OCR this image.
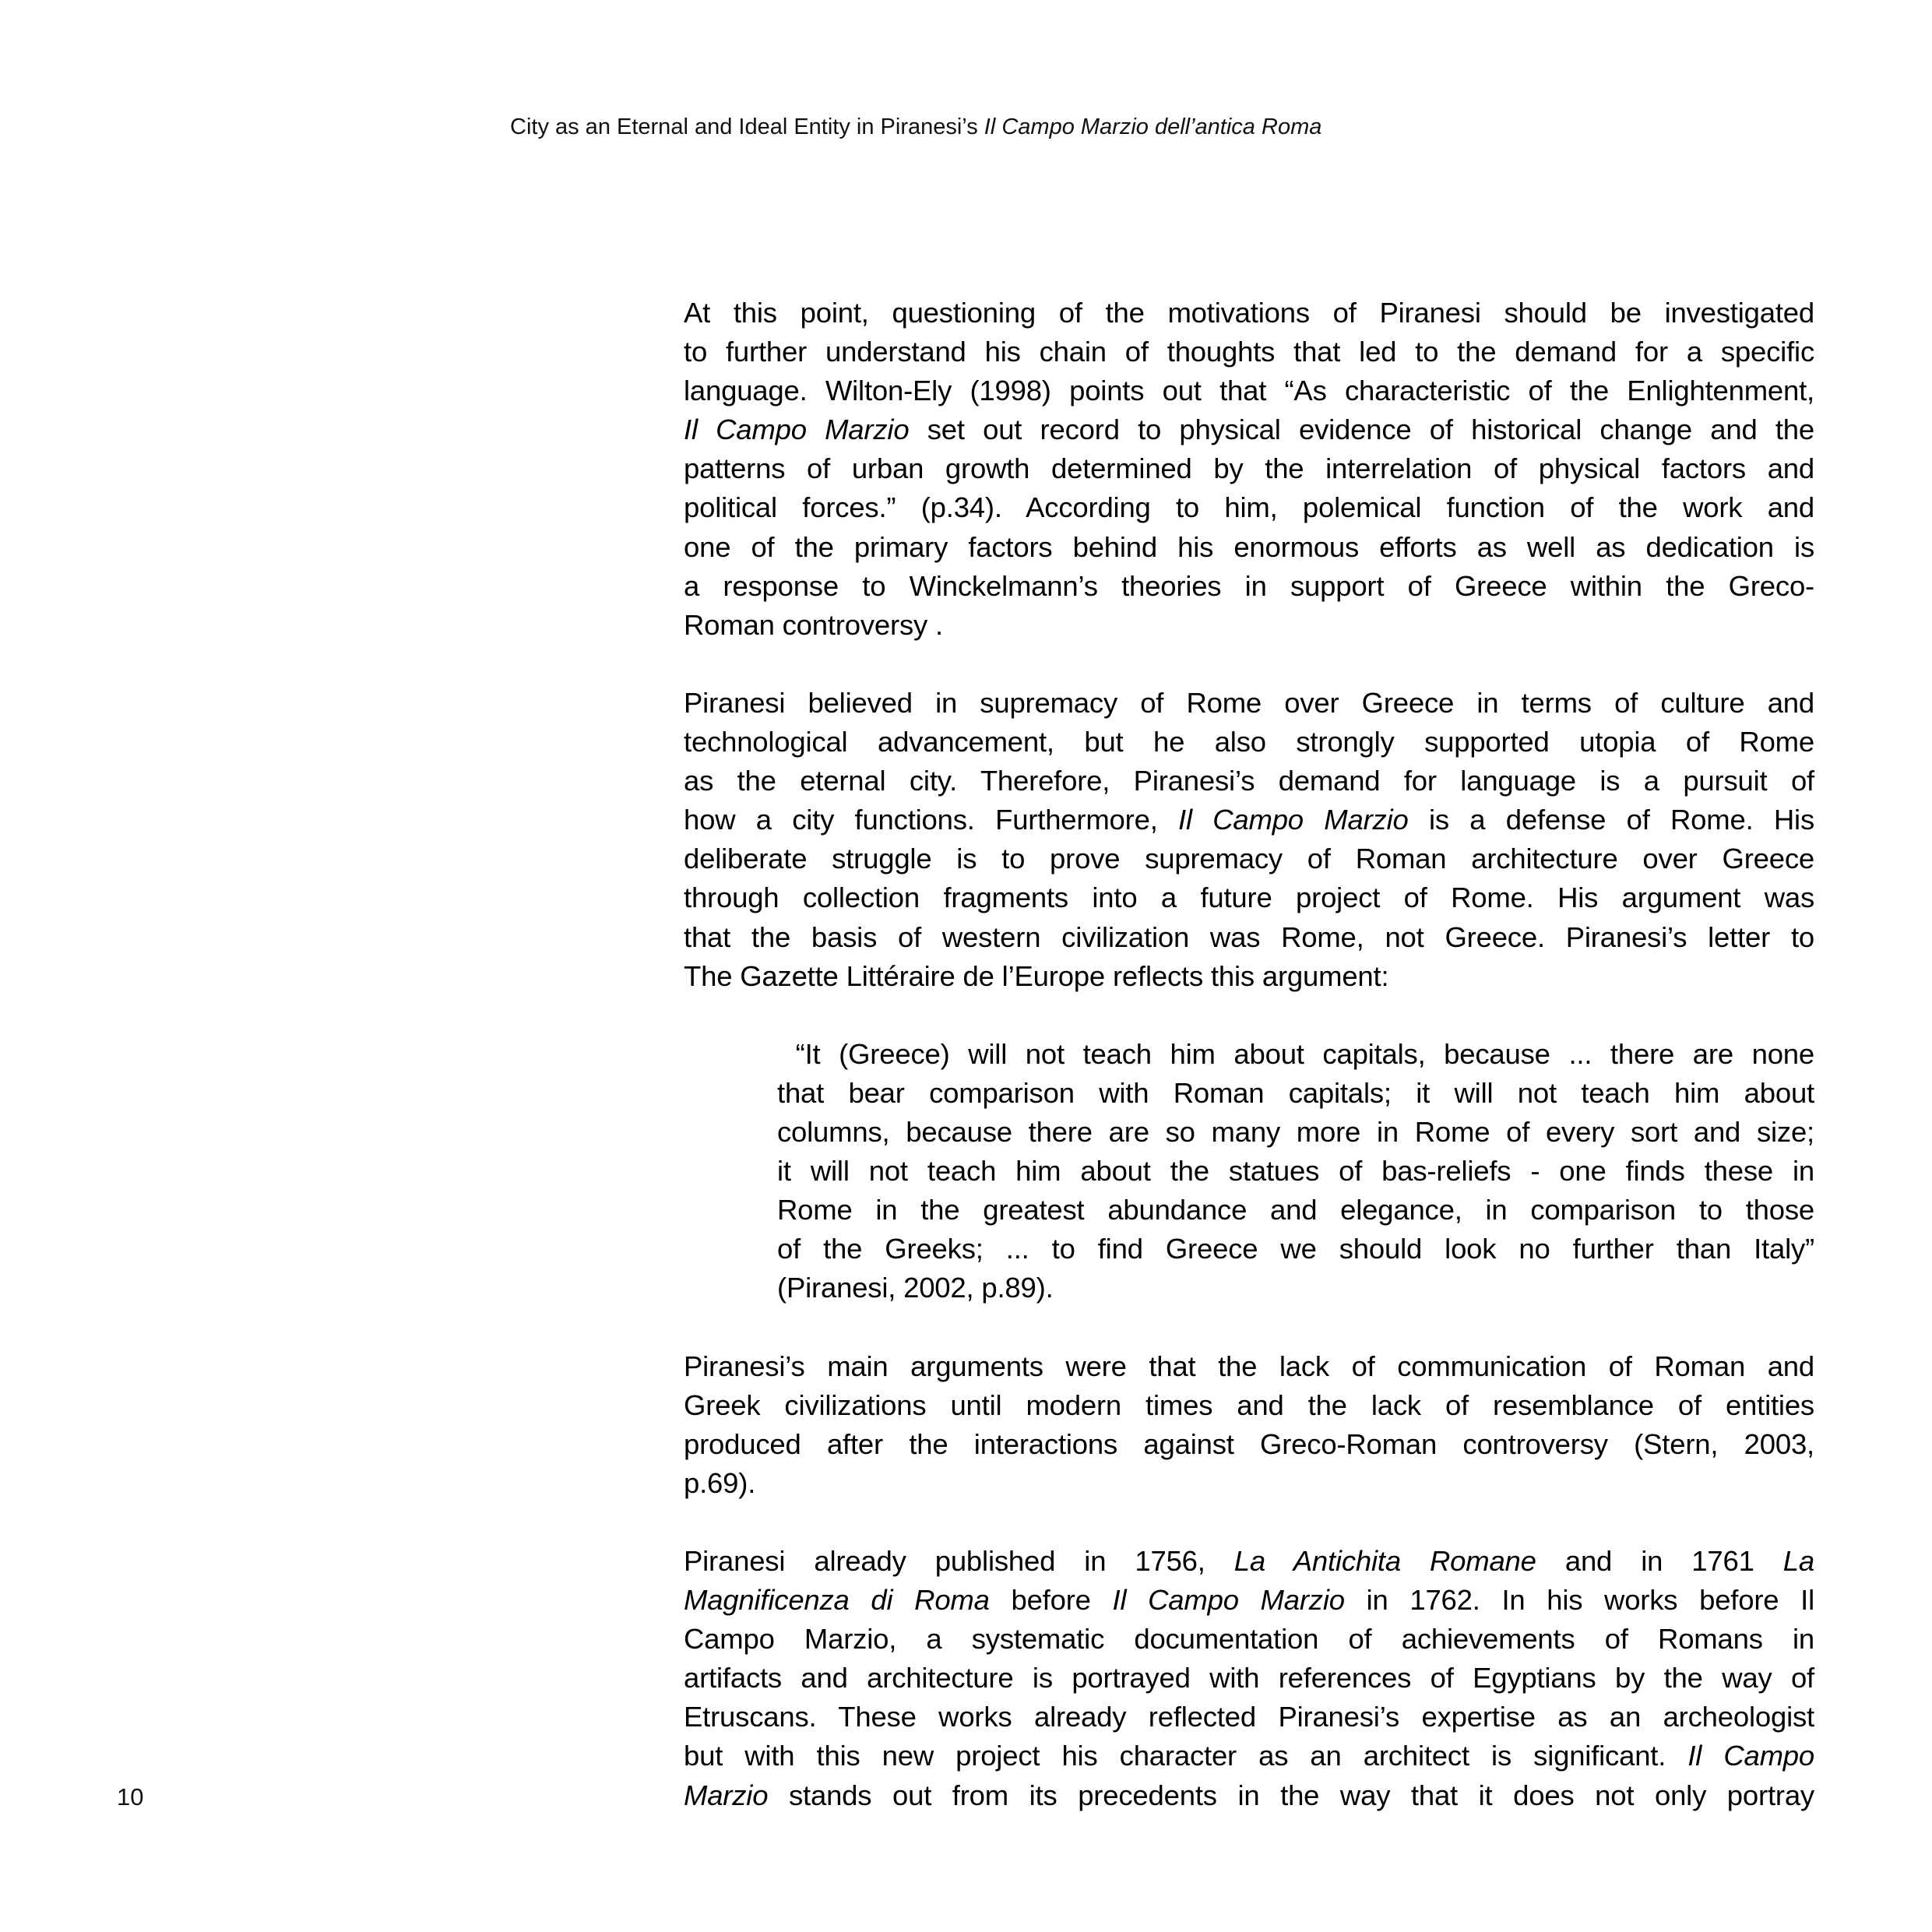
City as an Eternal and Ideal Entity in Piranesi’s Il Campo Marzio dell’antica Roma
At this point, questioning of the motivations of Piranesi should be investigated
to further understand his chain of thoughts that led to the demand for a specific
language. Wilton-Ely (1998) points out that “As characteristic of the Enlightenment,
Il Campo Marzio set out record to physical evidence of historical change and the
patterns of urban growth determined by the interrelation of physical factors and
political forces.” (p.34). According to him, polemical function of the work and
one of the primary factors behind his enormous efforts as well as dedication is
a response to Winckelmann’s theories in support of Greece within the Greco-
Roman controversy .
Piranesi believed in supremacy of Rome over Greece in terms of culture and
technological advancement, but he also strongly supported utopia of Rome
as the eternal city. Therefore, Piranesi’s demand for language is a pursuit of
how a city functions. Furthermore, Il Campo Marzio is a defense of Rome. His
deliberate struggle is to prove supremacy of Roman architecture over Greece
through collection fragments into a future project of Rome. His argument was
that the basis of western civilization was Rome, not Greece. Piranesi’s letter to
The Gazette Littéraire de l’Europe reflects this argument:
“It (Greece) will not teach him about capitals, because ... there are none
that bear comparison with Roman capitals; it will not teach him about
columns, because there are so many more in Rome of every sort and size;
it will not teach him about the statues of bas-reliefs - one finds these in
Rome in the greatest abundance and elegance, in comparison to those
of the Greeks; ... to find Greece we should look no further than Italy”
(Piranesi, 2002, p.89).
Piranesi’s main arguments were that the lack of communication of Roman and
Greek civilizations until modern times and the lack of resemblance of entities
produced after the interactions against Greco-Roman controversy (Stern, 2003,
p.69).
Piranesi already published in 1756, La Antichita Romane and in 1761 La
Magnificenza di Roma before Il Campo Marzio in 1762. In his works before Il
Campo Marzio, a systematic documentation of achievements of Romans in
artifacts and architecture is portrayed with references of Egyptians by the way of
Etruscans. These works already reflected Piranesi’s expertise as an archeologist
but with this new project his character as an architect is significant. Il Campo
Marzio stands out from its precedents in the way that it does not only portray
10
